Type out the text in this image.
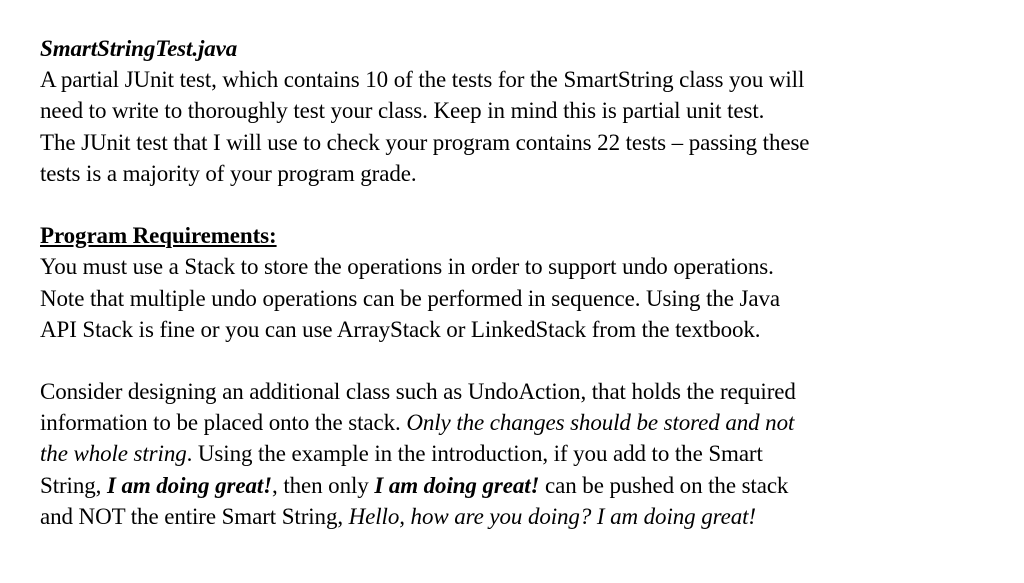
SmartStringTest.java
A partial JUnit test, which contains 10 of the tests for the SmartString class you will
need to write to thoroughly test your class. Keep in mind this is partial unit test.
The JUnit test that I will use to check your program contains 22 tests – passing these
tests is a majority of your program grade.
Program Requirements:
You must use a Stack to store the operations in order to support undo operations.
Note that multiple undo operations can be performed in sequence. Using the Java
API Stack is fine or you can use ArrayStack or LinkedStack from the textbook.
Consider designing an additional class such as UndoAction, that holds the required
information to be placed onto the stack. Only the changes should be stored and not
the whole string. Using the example in the introduction, if you add to the Smart
String, I am doing great!, then only I am doing great! can be pushed on the stack
and NOT the entire Smart String, Hello, how are you doing? I am doing great!
